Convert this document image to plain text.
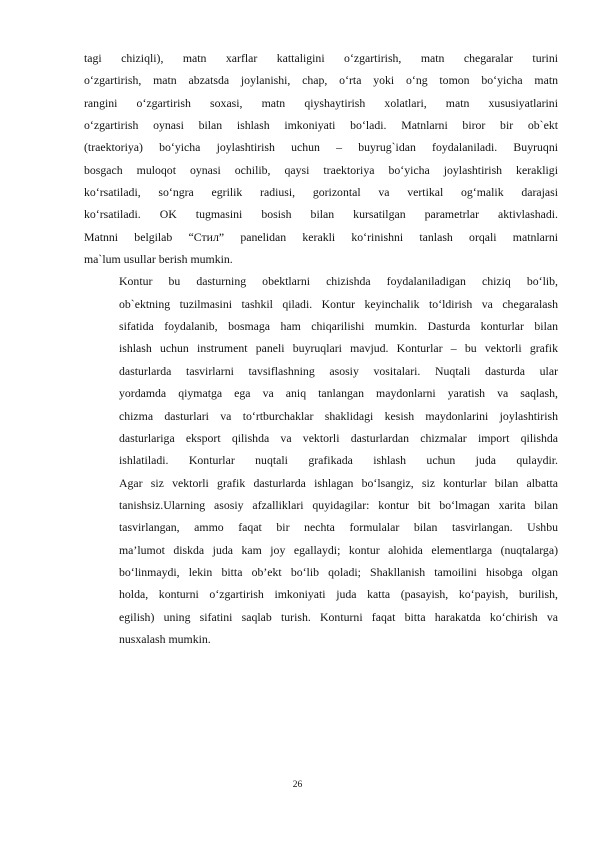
tagi chiziqli), matn xarflar kattaligini o‘zgartirish, matn chegaralar turini
o‘zgartirish, matn abzatsda joylanishi, chap, o‘rta yoki o‘ng tomon bo‘yicha matn
rangini o‘zgartirish soxasi, matn qiyshaytirish xolatlari, matn xususiyatlarini
o‘zgartirish oynasi bilan ishlash imkoniyati bo‘ladi. Matnlarni biror bir ob`ekt
(traektoriya) bo‘yicha joylashtirish uchun – buyrug`idan foydalaniladi. Buyruqni
bosgach muloqot oynasi ochilib, qaysi traektoriya bo‘yicha joylashtirish kerakligi
ko‘rsatiladi, so‘ngra egrilik radiusi, gorizontal va vertikal og‘malik darajasi
ko‘rsatiladi. OK tugmasini bosish bilan kursatilgan parametrlar aktivlashadi.
Matnni belgilab “Стил” panelidan kerakli ko‘rinishni tanlash orqali matnlarni
ma`lum usullar berish mumkin.

Kontur bu dasturning obektlarni chizishda foydalaniladigan chiziq bo‘lib,
ob`ektning tuzilmasini tashkil qiladi. Kontur keyinchalik to‘ldirish va chegaralash
sifatida foydalanib, bosmaga ham chiqarilishi mumkin. Dasturda konturlar bilan
ishlash uchun instrument paneli buyruqlari mavjud. Konturlar – bu vektorli grafik
dasturlarda tasvirlarni tavsiflashning asosiy vositalari. Nuqtali dasturda ular
yordamda qiymatga ega va aniq tanlangan maydonlarni yaratish va saqlash,
chizma dasturlari va to‘rtburchaklar shaklidagi kesish maydonlarini joylashtirish
dasturlariga eksport qilishda va vektorli dasturlardan chizmalar import qilishda
ishlatiladi. Konturlar nuqtali grafikada ishlash uchun juda qulaydir.
Agar siz vektorli grafik dasturlarda ishlagan bo‘lsangiz, siz konturlar bilan albatta
tanishsiz.Ularning asosiy afzalliklari quyidagilar: kontur bit bo‘lmagan xarita bilan
tasvirlangan, ammo faqat bir nechta formulalar bilan tasvirlangan. Ushbu
ma’lumot diskda juda kam joy egallaydi; kontur alohida elementlarga (nuqtalarga)
bo‘linmaydi, lekin bitta ob’ekt bo‘lib qoladi; Shakllanish tamoilini hisobga olgan
holda, konturni o‘zgartirish imkoniyati juda katta (pasayish, ko‘payish, burilish,
egilish) uning sifatini saqlab turish. Konturni faqat bitta harakatda ko‘chirish va
nusxalash mumkin.

26
